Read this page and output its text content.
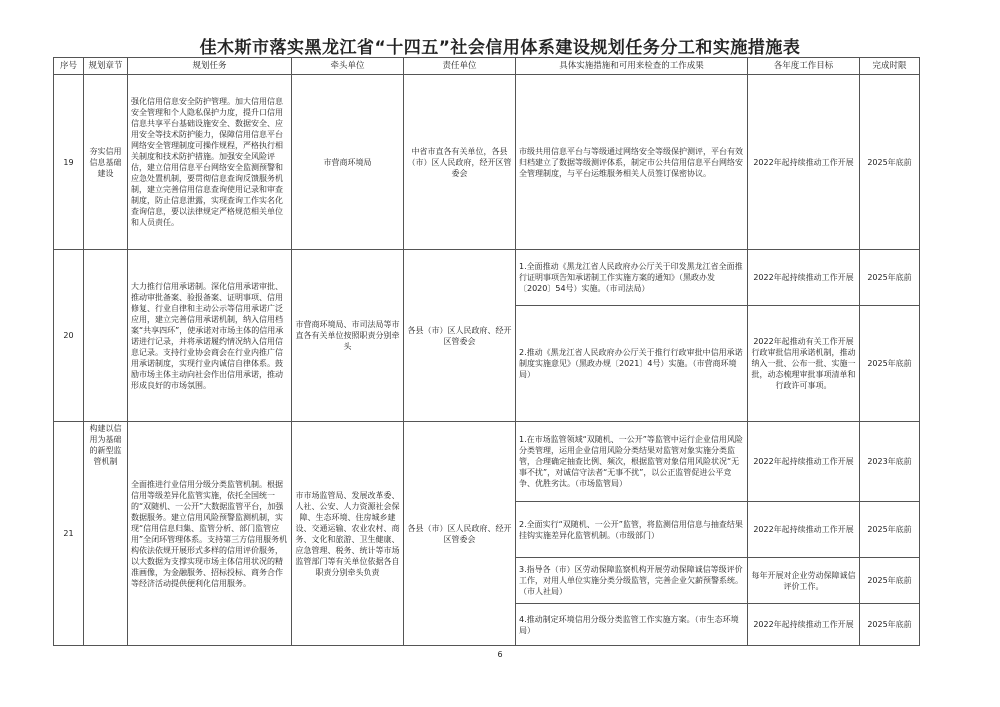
佳木斯市落实黑龙江省“十四五”社会信用体系建设规划任务分工和实施措施表
序号	规划章节	规划任务	牵头单位	责任单位	具体实施措施和可用来检查的工作成果	各年度工作目标	完成时限
19	夯实信用信息基础建设	强化信用信息安全防护管理。加大信用信息安全管理和个人隐私保护力度，提升口信用信息共享平台基础设施安全、数据安全、应用安全等技术防护能力，保障信用信息平台网络安全管理制度可操作规程，严格执行相关制度和技术防护措施。加强安全风险评估，建立信用信息平台网络安全监测预警和应急处置机制，要贯彻信息查询反馈服务机制，建立完善信用信息查询使用记录和审查制度，防止信息泄露，实现查询工作实名化查询信息，要以法律规定严格规范相关单位和人员责任。	市营商环境局	中省市直各有关单位，各县（市）区人民政府，经开区管委会	市级共用信息平台与等级通过网络安全等级保护测评，平台有效归档建立了数据等级测评体系，制定市公共信用信息平台网络安全管理制度，与平台运维服务相关人员签订保密协议。	2022年起持续推动工作开展	2025年底前
20		大力推行信用承诺制。深化信用承诺审批、推动审批备案、验报备案、证明事项、信用修复、行业自律和主动公示等信用承诺广泛应用，建立完善信用承诺机制，纳入信用档案“共享四环”，使承诺对市场主体的信用承诺进行记录，并将承诺履约情况纳入信用信息记录。支持行业协会商会在行业内推广信用承诺制度，实现行业内诚信自律体系。鼓励市场主体主动向社会作出信用承诺，推动形成良好的市场氛围。	市营商环境局、市司法局等市直各有关单位按照职责分别牵头	各县（市）区人民政府、经开区管委会	1.全面推动《黑龙江省人民政府办公厅关于印发黑龙江省全面推行证明事项告知承诺制工作实施方案的通知》（黑政办发〔2020〕54号）实施。（市司法局）	2022年起持续推动工作开展	2025年底前
					2.推动《黑龙江省人民政府办公厅关于推行行政审批中信用承诺制度实施意见》（黑政办规〔2021〕4号）实施。（市营商环境局）	2022年起推动有关工作开展行政审批信用承诺机制，推动纳入一批、公布一批、实施一批，动态梳理审批事项清单和行政许可事项。	2025年底前
21	构建以信用为基础的新型监管机制	全面推进行业信用分级分类监管机制。根据信用等级差异化监管实施，依托全国统一的“双随机、一公开”大数据监管平台，加强数据服务。建立信用风险预警监测机制，实现“信用信息归集、监管分析、部门监管应用”全闭环管理体系。支持第三方信用服务机构依法依规开展形式多样的信用评价服务，以大数据为支撑实现市场主体信用状况的精准画像，为金融服务、招标投标、商务合作等经济活动提供便利化信用服务。	市市场监管局、发展改革委、人社、公安、人力资源社会保障、生态环境、住房城乡建设、交通运输、农业农村、商务、文化和旅游、卫生健康、应急管理、税务、统计等市场监管部门等有关单位依据各自职责分别牵头负责	各县（市）区人民政府、经开区管委会	1.在市场监管领域“双随机、一公开”等监管中运行企业信用风险分类管理，运用企业信用风险分类结果对监管对象实施分类监管，合理确定抽查比例、频次，根据监管对象信用风险状况“无事不扰”，对诚信守法者“无事不扰”，以公正监管促进公平竞争、优胜劣汰。（市场监管局）	2022年起持续推动工作开展	2023年底前
					2.全面实行“双随机、一公开”监管，将监测信用信息与抽查结果挂钩实施差异化监管机制。（市级部门）	2022年起持续推动工作开展	2025年底前
					3.指导各（市）区劳动保障监察机构开展劳动保障诚信等级评价工作，对用人单位实施分类分级监管，完善企业欠薪预警系统。（市人社局）	每年开展对企业劳动保障诚信评价工作。	2025年底前
					4.推动制定环境信用分级分类监管工作实施方案。（市生态环境局）	2022年起持续推动工作开展	2025年底前
6
